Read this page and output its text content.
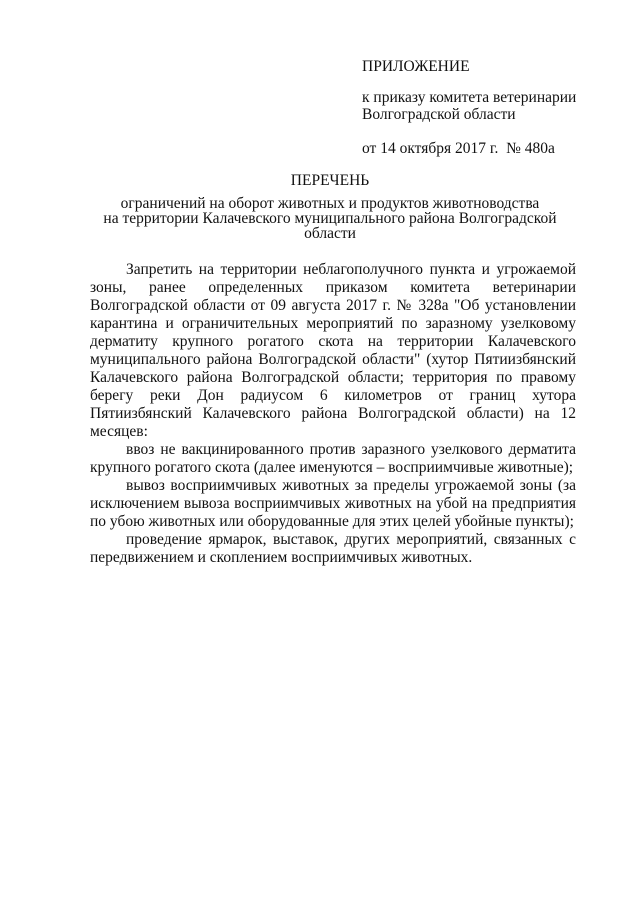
ПРИЛОЖЕНИЕ

к приказу комитета ветеринарии

Волгоградской области

от 14 октября 2017 г.  № 480а

ПЕРЕЧЕНЬ

ограничений на оборот животных и продуктов животноводства

на территории Калачевского муниципального района Волгоградской

области

Запретить на территории неблагополучного пункта и угрожаемой зоны, ранее определенных приказом комитета ветеринарии Волгоградской области от 09 августа 2017 г. № 328а "Об установлении карантина и ограничительных мероприятий по заразному узелковому дерматиту крупного рогатого скота на территории Калачевского муниципального района Волгоградской области" (хутор Пятиизбянский Калачевского района Волгоградской области; территория по правому берегу реки Дон радиусом 6 километров от границ хутора Пятиизбянский Калачевского района Волгоградской области) на 12 месяцев:

ввоз не вакцинированного против заразного узелкового дерматита крупного рогатого скота (далее именуются – восприимчивые животные);

вывоз восприимчивых животных за пределы угрожаемой зоны (за исключением вывоза восприимчивых животных на убой на предприятия по убою животных или оборудованные для этих целей убойные пункты);

проведение ярмарок, выставок, других мероприятий, связанных с передвижением и скоплением восприимчивых животных.
